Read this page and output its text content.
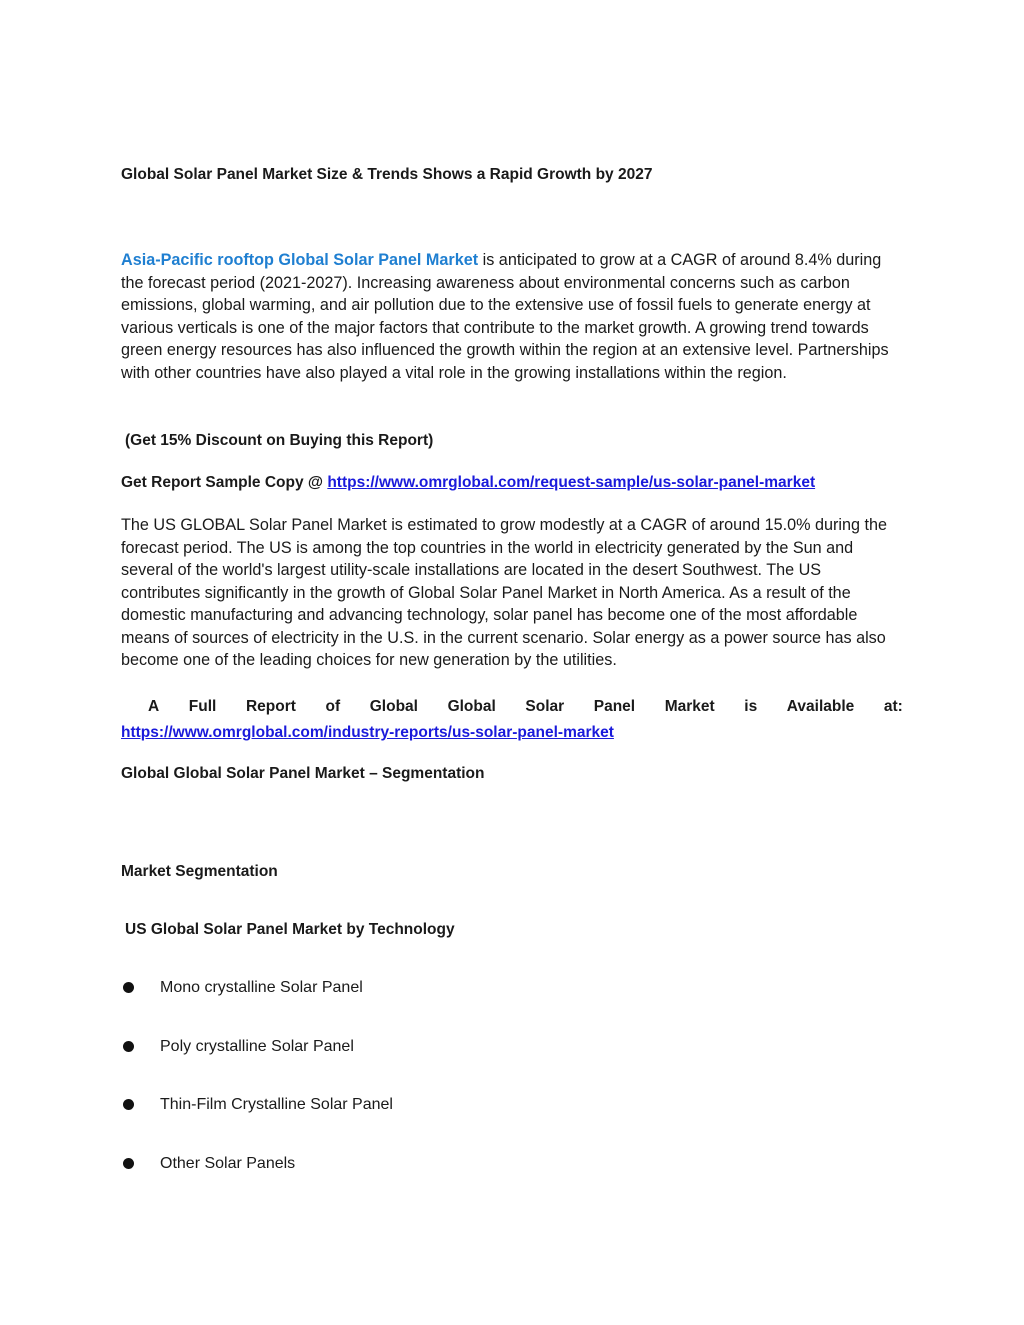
Global Solar Panel Market Size & Trends Shows a Rapid Growth by 2027

Asia-Pacific rooftop Global Solar Panel Market is anticipated to grow at a CAGR of around 8.4% during the forecast period (2021-2027). Increasing awareness about environmental concerns such as carbon emissions, global warming, and air pollution due to the extensive use of fossil fuels to generate energy at various verticals is one of the major factors that contribute to the market growth. A growing trend towards green energy resources has also influenced the growth within the region at an extensive level. Partnerships with other countries have also played a vital role in the growing installations within the region.

(Get 15% Discount on Buying this Report)

Get Report Sample Copy @ https://www.omrglobal.com/request-sample/us-solar-panel-market

The US GLOBAL Solar Panel Market is estimated to grow modestly at a CAGR of around 15.0% during the forecast period. The US is among the top countries in the world in electricity generated by the Sun and several of the world's largest utility-scale installations are located in the desert Southwest. The US contributes significantly in the growth of Global Solar Panel Market in North America. As a result of the domestic manufacturing and advancing technology, solar panel has become one of the most affordable means of sources of electricity in the U.S. in the current scenario. Solar energy as a power source has also become one of the leading choices for new generation by the utilities.

A Full Report of Global Global Solar Panel Market is Available at:
https://www.omrglobal.com/industry-reports/us-solar-panel-market

Global Global Solar Panel Market – Segmentation

Market Segmentation

US Global Solar Panel Market by Technology

Mono crystalline Solar Panel
Poly crystalline Solar Panel
Thin-Film Crystalline Solar Panel
Other Solar Panels
